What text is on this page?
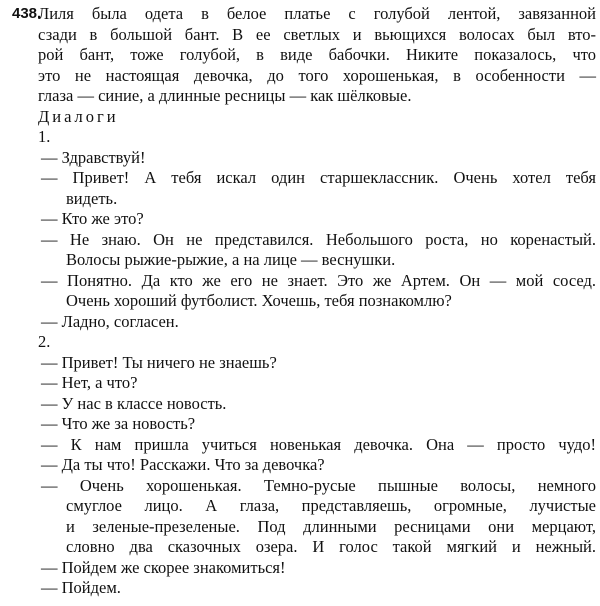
438.
Лиля была одета в белое платье с голубой лентой, завязанной
сзади в большой бант. В ее светлых и вьющихся волосах был вто-
рой бант, тоже голубой, в виде бабочки. Никите показалось, что
это не настоящая девочка, до того хорошенькая, в особенности —
глаза — синие, а длинные ресницы — как шёлковые.
Диалоги
1.
— Здравствуй!
— Привет! А тебя искал один старшеклассник. Очень хотел тебя
видеть.
— Кто же это?
— Не знаю. Он не представился. Небольшого роста, но коренастый.
Волосы рыжие-рыжие, а на лице — веснушки.
— Понятно. Да кто же его не знает. Это же Артем. Он — мой сосед.
Очень хороший футболист. Хочешь, тебя познакомлю?
— Ладно, согласен.
2.
— Привет! Ты ничего не знаешь?
— Нет, а что?
— У нас в классе новость.
— Что же за новость?
— К нам пришла учиться новенькая девочка. Она — просто чудо!
— Да ты что! Расскажи. Что за девочка?
— Очень хорошенькая. Темно-русые пышные волосы, немного
смуглое лицо. А глаза, представляешь, огромные, лучистые
и зеленые-презеленые. Под длинными ресницами они мерцают,
словно два сказочных озера. И голос такой мягкий и нежный.
— Пойдем же скорее знакомиться!
— Пойдем.
